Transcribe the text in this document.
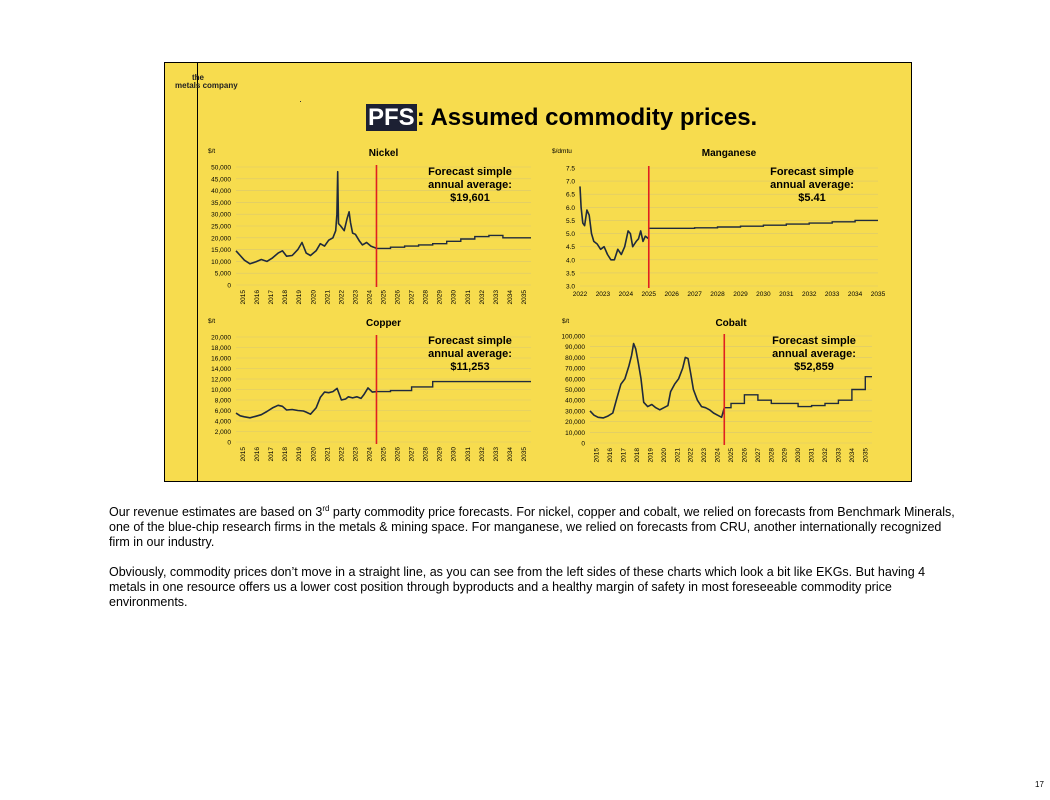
the
metals company
PFS: Assumed commodity prices.
Nickel
$/t
0
5,000
10,000
15,000
20,000
25,000
30,000
35,000
40,000
45,000
50,000
2015 2016 2017 2018 2019 2020 2021 2022 2023 2024 2025 2026 2027 2028 2029 2030 2031 2032 2033 2034 2035
Manganese
$/dmtu
3.0
3.5
4.0
4.5
5.0
5.5
6.0
6.5
7.0
7.5
2022 2023 2024 2025 2026 2027 2028 2029 2030 2031 2032 2033 2034 2035
Copper
$/t
0
2,000
4,000
6,000
8,000
10,000
12,000
14,000
16,000
18,000
20,000
2015 2016 2017 2018 2019 2020 2021 2022 2023 2024 2025 2026 2027 2028 2029 2030 2031 2032 2033 2034 2035
Cobalt
$/t
0
10,000
20,000
30,000
40,000
50,000
60,000
70,000
80,000
90,000
100,000
2015 2016 2017 2018 2019 2020 2021 2022 2023 2024 2025 2026 2027 2028 2029 2030 2031 2032 2033 2034 2035
Forecast simple
annual average:
$19,601
Forecast simple
annual average:
$5.41
Forecast simple
annual average:
$11,253
Forecast simple
annual average:
$52,859

Our revenue estimates are based on 3rd party commodity price forecasts. For nickel, copper and cobalt, we relied on forecasts from Benchmark Minerals, one of the blue-chip research firms in the metals & mining space. For manganese, we relied on forecasts from CRU, another internationally recognized firm in our industry.

Obviously, commodity prices don’t move in a straight line, as you can see from the left sides of these charts which look a bit like EKGs. But having 4 metals in one resource offers us a lower cost position through byproducts and a healthy margin of safety in most foreseeable commodity price environments.

17
